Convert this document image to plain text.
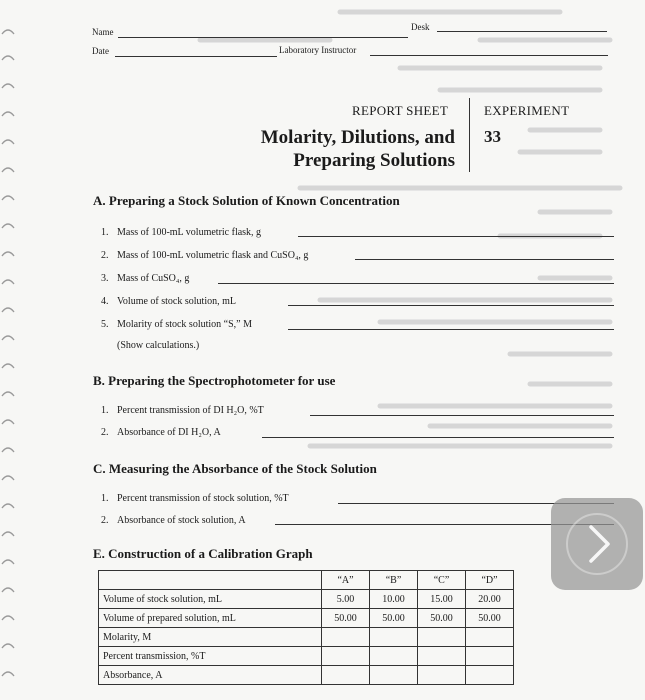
Name	Desk
Date	Laboratory Instructor
REPORT SHEET	EXPERIMENT
33
Molarity, Dilutions, and
Preparing Solutions
A. Preparing a Stock Solution of Known Concentration
1. Mass of 100-mL volumetric flask, g
2. Mass of 100-mL volumetric flask and CuSO₄, g
3. Mass of CuSO₄, g
4. Volume of stock solution, mL
5. Molarity of stock solution “S,” M
(Show calculations.)
B. Preparing the Spectrophotometer for use
1. Percent transmission of DI H₂O, %T
2. Absorbance of DI H₂O, A
C. Measuring the Absorbance of the Stock Solution
1. Percent transmission of stock solution, %T
2. Absorbance of stock solution, A
E. Construction of a Calibration Graph
	“A”	“B”	“C”	“D”
Volume of stock solution, mL	5.00	10.00	15.00	20.00
Volume of prepared solution, mL	50.00	50.00	50.00	50.00
Molarity, M				
Percent transmission, %T				
Absorbance, A				
